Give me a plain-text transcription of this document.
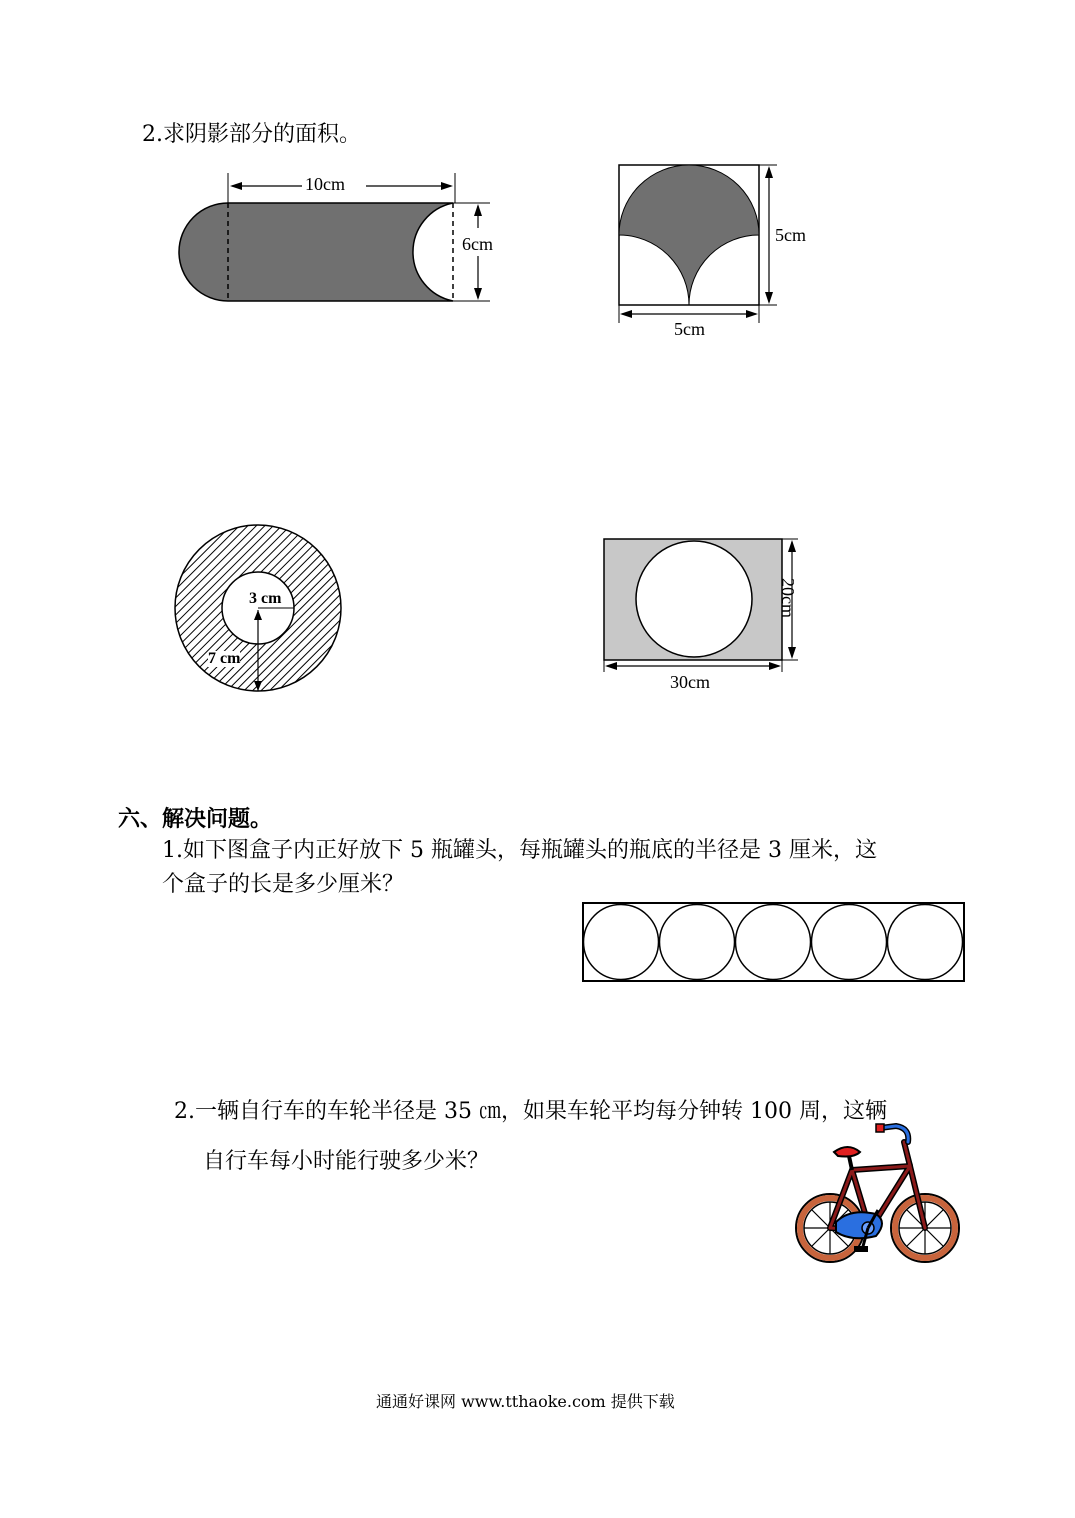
2.求阴影部分的面积。
10cm
6cm	5cm
5cm
3 cm
7 cm
20cm
30cm
六、解决问题。
1.如下图盒子内正好放下 5 瓶罐头，每瓶罐头的瓶底的半径是 3 厘米，这
个盒子的长是多少厘米？
2.一辆自行车的车轮半径是 35 ㎝，如果车轮平均每分钟转 100 周，这辆
自行车每小时能行驶多少米？
通通好课网 www.tthaoke.com 提供下载
